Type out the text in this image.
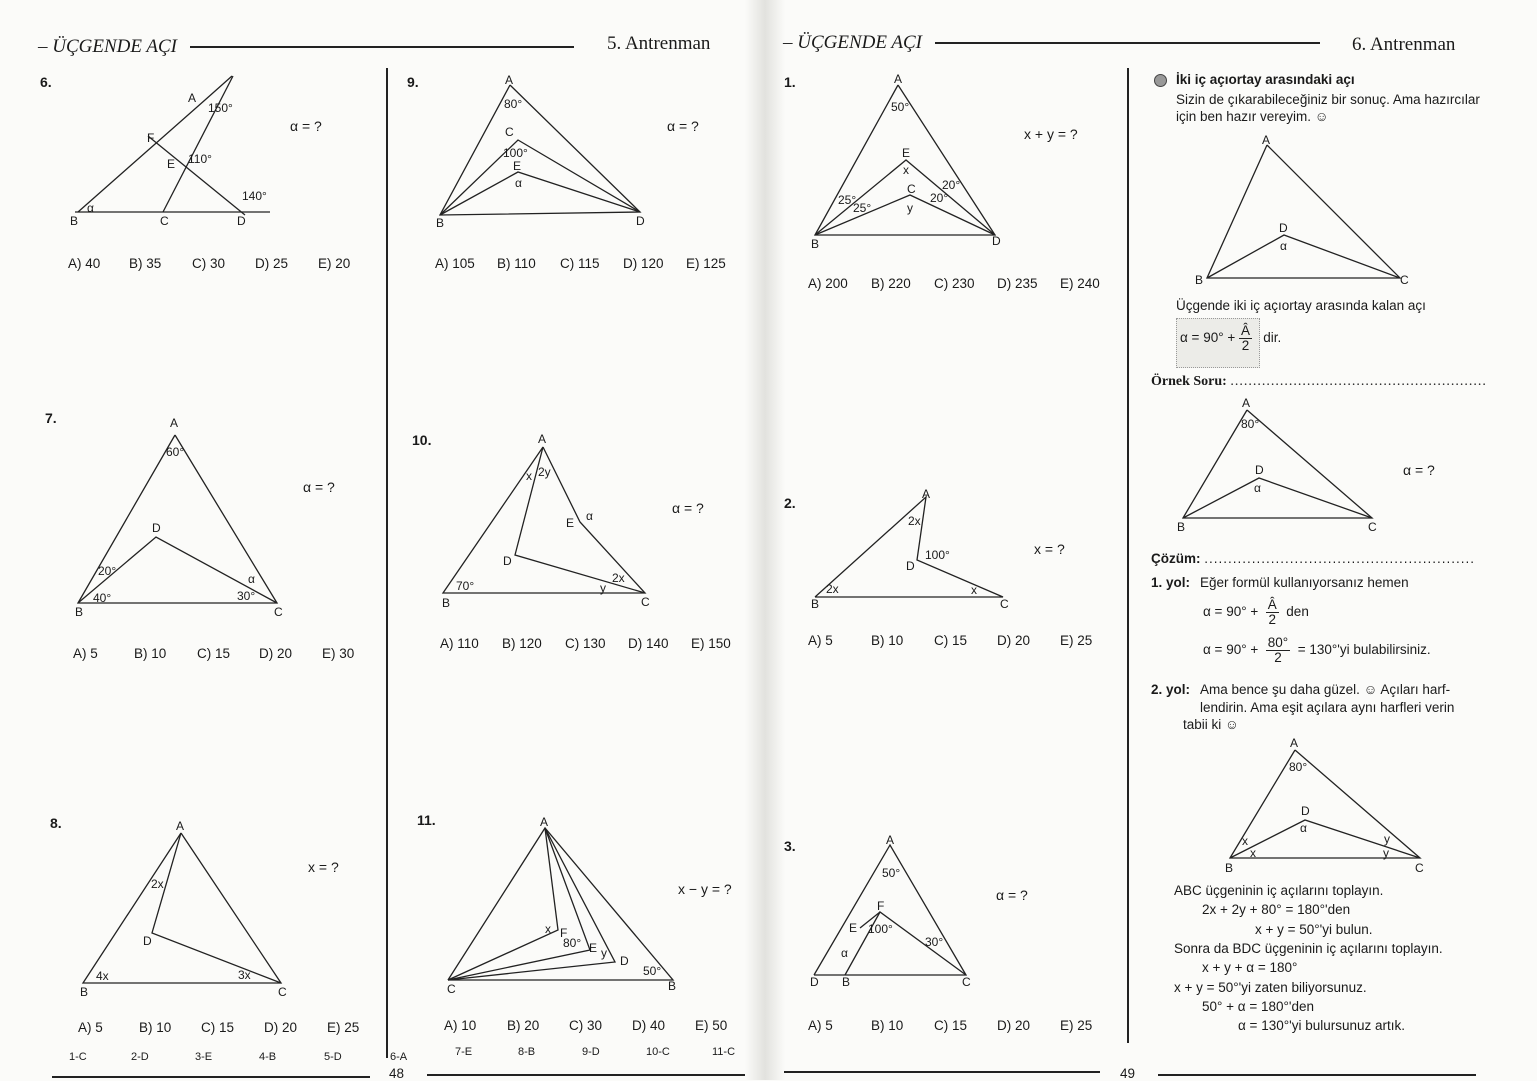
– ÜÇGENDE AÇI	5. Antrenman	– ÜÇGENDE AÇI	6. Antrenman
6.
α = ?
A) 40 B) 35 C) 30 D) 25 E) 20
7.
α = ?
A) 5	B) 10 C) 15 D) 20 E) 30
8.
x = ?
A) 5	B) 10 C) 15 D) 20 E) 25
9.
α = ?
A) 105 B) 110 C) 115 D) 120 E) 125
10.
α = ?
A) 110 B) 120 C) 130 D) 140 E) 150
11.
x − y = ?
A) 10 B) 20 C) 30 D) 40 E) 50
1.
x + y = ?
A) 200 B) 220 C) 230 D) 235 E) 240
2.
x = ?
A) 5	B) 10 C) 15 D) 20 E) 25
3.
α = ?
A) 5	B) 10 C) 15 D) 20 E) 25
1-C	2-D	3-E	4-B	5-D	6-A	7-E	8-B	9-D	10-C	11-C
İki iç açıortay arasındaki açı
Sizin de çıkarabileceğiniz bir sonuç. Ama hazırcılar
için ben hazır vereyim. ☺
Üçgende iki iç açıortay arasında kalan açı
$\alpha = 90^\circ + \frac{Â}{2}$ dir.
Örnek Soru: .........................................................
α = ?
Çözüm: .........................................................
1. yol: Eğer formül kullanıyorsanız hemen
$\alpha = 90^\circ + \frac{Â}{2}$ den
$\alpha = 90^\circ + \frac{80^\circ}{2} = 130^\circ'yi$ bulabilirsiniz.
2. yol: Ama bence şu daha güzel. ☺ Açıları harf-
lendirin. Ama eşit açılara aynı harfleri verin
tabii ki ☺
ABC üçgeninin iç açılarını toplayın.
2x + 2y + 80° = 180°'den
x + y = 50°'yi bulun.
Sonra da BDC üçgeninin iç açılarını toplayın.
x + y + α = 180°
x + y = 50°'yi zaten biliyorsunuz.
50° + α = 180°'den
α = 130°'yi bulursunuz artık.
A
150°
F
E 110°
140°
α
B	C	D
A
60°
D
20°
40°
α
30°
B	C
A
2x
D
4x	3x
B	C
A
80°
C
100°
E
α
B	D
A
x 2y
E α
D
70°
B	C
2x
y
A
x F
80° E y
D
50°
C	B
A
50°
E
x
C
y
25°
25°
20°
20°
B	D
A
2x
100°
D
2x	x
B	C
A
50°
F
E 100°
30°
α
D B	C
A
D
α
B	C
A
80°
D
α
B	C
A
80°
D
α
x
x
y
y
B	C
48	49
